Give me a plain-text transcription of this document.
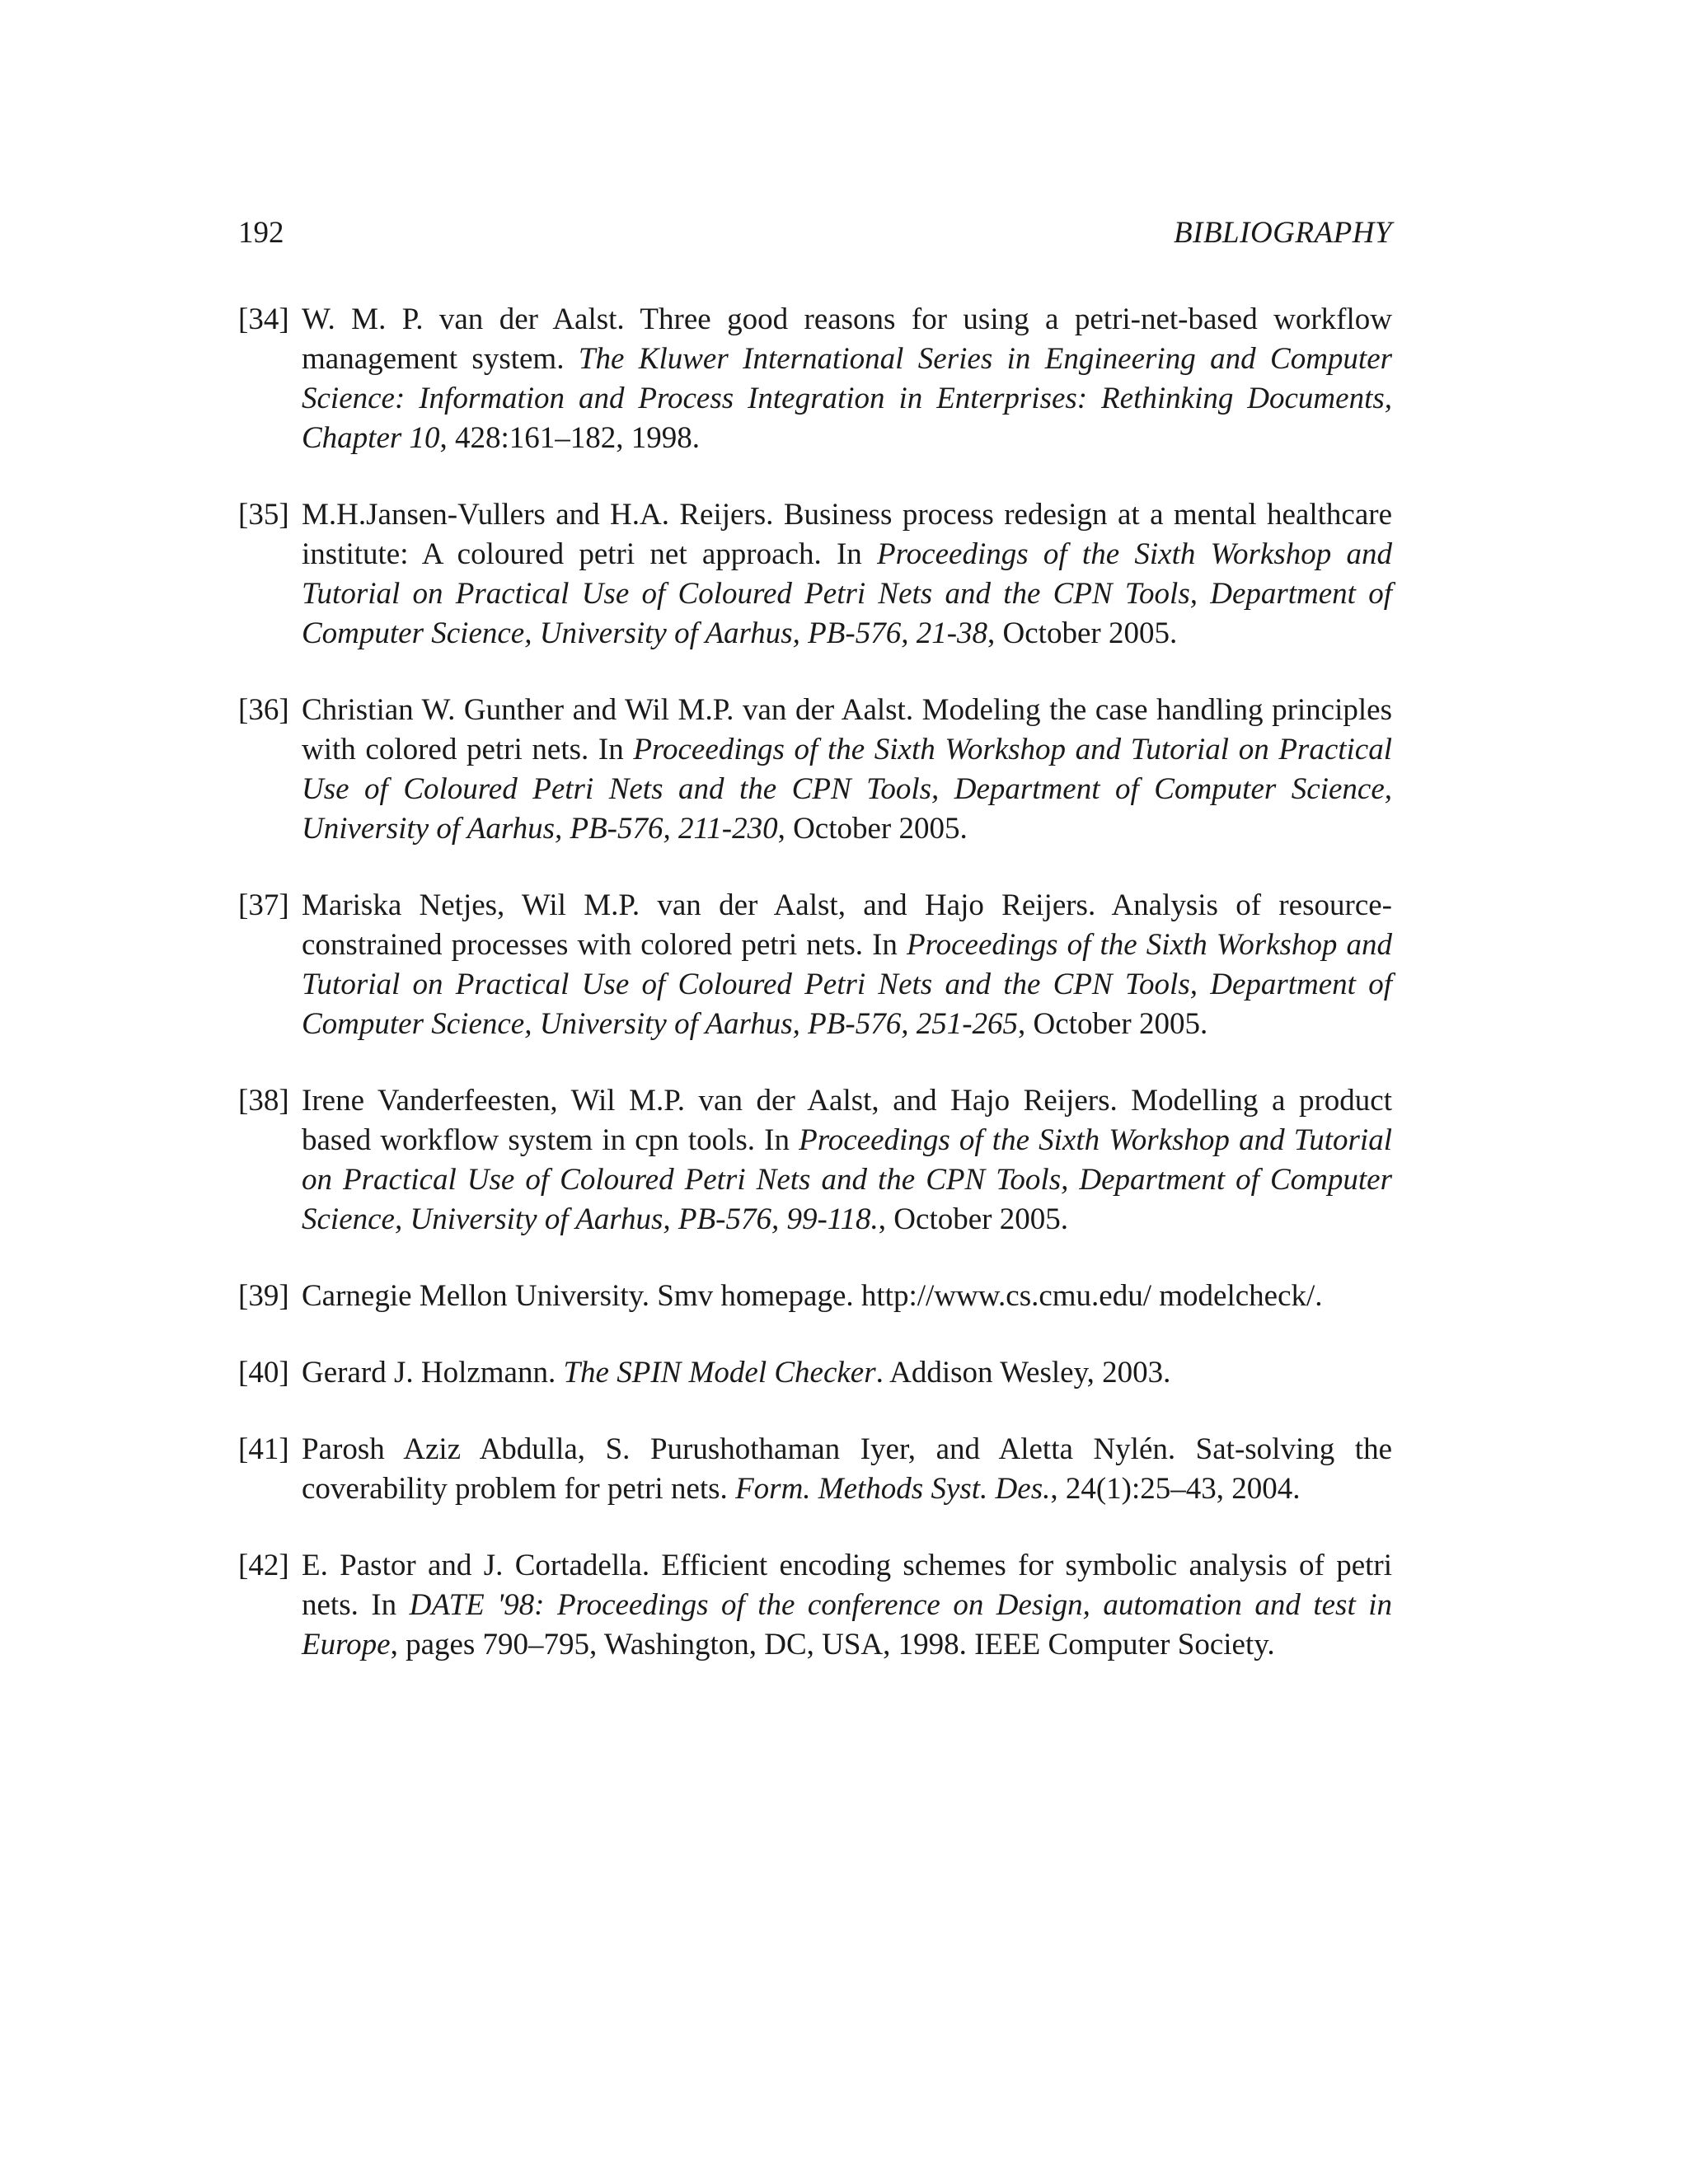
192	BIBLIOGRAPHY
[34] W. M. P. van der Aalst. Three good reasons for using a petri-net-based workflow management system. The Kluwer International Series in Engineering and Computer Science: Information and Process Integration in Enterprises: Rethinking Documents, Chapter 10, 428:161–182, 1998.
[35] M.H.Jansen-Vullers and H.A. Reijers. Business process redesign at a mental healthcare institute: A coloured petri net approach. In Proceedings of the Sixth Workshop and Tutorial on Practical Use of Coloured Petri Nets and the CPN Tools, Department of Computer Science, University of Aarhus, PB-576, 21-38, October 2005.
[36] Christian W. Gunther and Wil M.P. van der Aalst. Modeling the case handling principles with colored petri nets. In Proceedings of the Sixth Workshop and Tutorial on Practical Use of Coloured Petri Nets and the CPN Tools, Department of Computer Science, University of Aarhus, PB-576, 211-230, October 2005.
[37] Mariska Netjes, Wil M.P. van der Aalst, and Hajo Reijers. Analysis of resource-constrained processes with colored petri nets. In Proceedings of the Sixth Workshop and Tutorial on Practical Use of Coloured Petri Nets and the CPN Tools, Department of Computer Science, University of Aarhus, PB-576, 251-265, October 2005.
[38] Irene Vanderfeesten, Wil M.P. van der Aalst, and Hajo Reijers. Modelling a product based workflow system in cpn tools. In Proceedings of the Sixth Workshop and Tutorial on Practical Use of Coloured Petri Nets and the CPN Tools, Department of Computer Science, University of Aarhus, PB-576, 99-118., October 2005.
[39] Carnegie Mellon University. Smv homepage. http://www.cs.cmu.edu/ modelcheck/.
[40] Gerard J. Holzmann. The SPIN Model Checker. Addison Wesley, 2003.
[41] Parosh Aziz Abdulla, S. Purushothaman Iyer, and Aletta Nylén. Sat-solving the coverability problem for petri nets. Form. Methods Syst. Des., 24(1):25–43, 2004.
[42] E. Pastor and J. Cortadella. Efficient encoding schemes for symbolic analysis of petri nets. In DATE '98: Proceedings of the conference on Design, automation and test in Europe, pages 790–795, Washington, DC, USA, 1998. IEEE Computer Society.
